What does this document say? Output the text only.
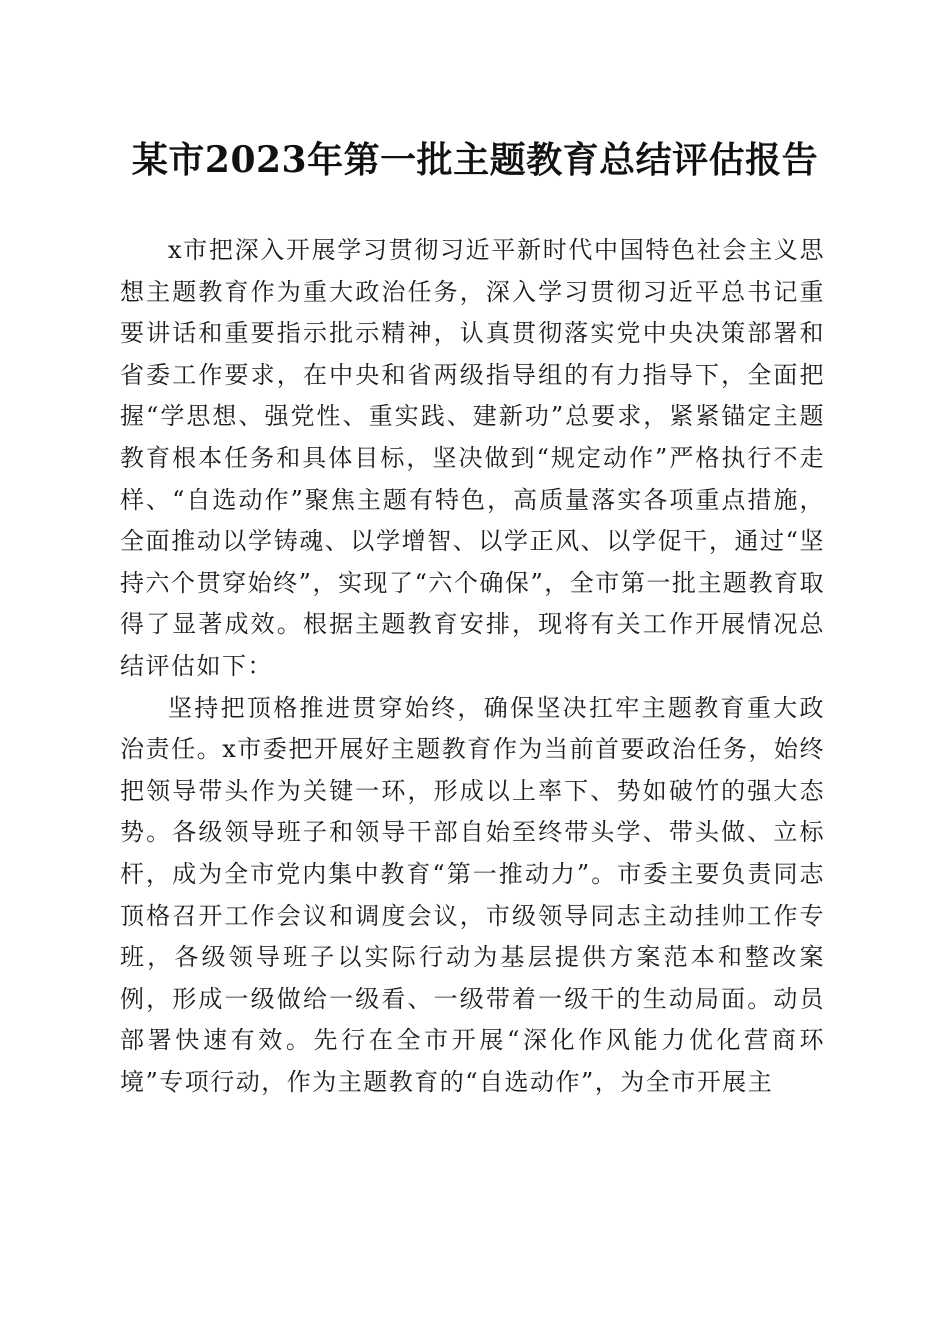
某市2023年第一批主题教育总结评估报告

x市把深入开展学习贯彻习近平新时代中国特色社会主义思想主题教育作为重大政治任务，深入学习贯彻习近平总书记重要讲话和重要指示批示精神，认真贯彻落实党中央决策部署和省委工作要求，在中央和省两级指导组的有力指导下，全面把握“学思想、强党性、重实践、建新功”总要求，紧紧锚定主题教育根本任务和具体目标，坚决做到“规定动作”严格执行不走样、“自选动作”聚焦主题有特色，高质量落实各项重点措施，全面推动以学铸魂、以学增智、以学正风、以学促干，通过“坚持六个贯穿始终”，实现了“六个确保”，全市第一批主题教育取得了显著成效。根据主题教育安排，现将有关工作开展情况总结评估如下：

坚持把顶格推进贯穿始终，确保坚决扛牢主题教育重大政治责任。x市委把开展好主题教育作为当前首要政治任务，始终把领导带头作为关键一环，形成以上率下、势如破竹的强大态势。各级领导班子和领导干部自始至终带头学、带头做、立标杆，成为全市党内集中教育“第一推动力”。市委主要负责同志顶格召开工作会议和调度会议，市级领导同志主动挂帅工作专班，各级领导班子以实际行动为基层提供方案范本和整改案例，形成一级做给一级看、一级带着一级干的生动局面。动员部署快速有效。先行在全市开展“深化作风能力优化营商环境”专项行动，作为主题教育的“自选动作”，为全市开展主
